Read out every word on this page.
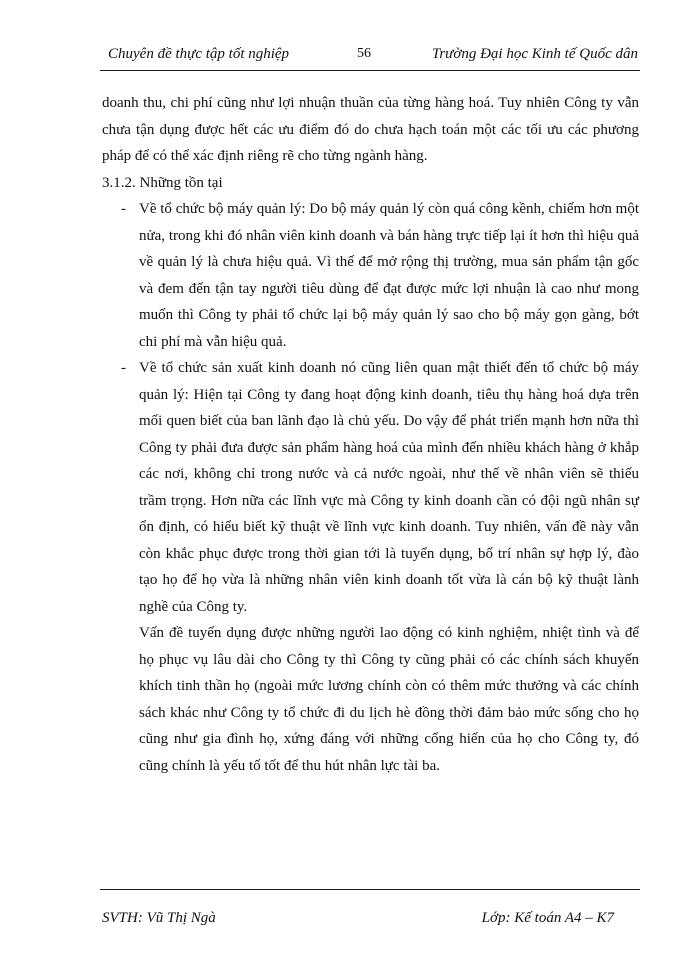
Chuyên đề thực tập tốt nghiệp	56	Trường Đại học Kinh tế Quốc dân

doanh thu, chi phí cũng như lợi nhuận thuần của từng hàng hoá. Tuy nhiên Công ty vẫn chưa tận dụng được hết các ưu điểm đó do chưa hạch toán một các tối ưu các phương pháp để có thể xác định riêng rẽ cho từng ngành hàng.

3.1.2. Những tồn tại

- Về tổ chức bộ máy quản lý: Do bộ máy quản lý còn quá công kềnh, chiếm hơn một nửa, trong khi đó nhân viên kinh doanh và bán hàng trực tiếp lại ít hơn thì hiệu quả về quản lý là chưa hiệu quả. Vì thế để mở rộng thị trường, mua sản phẩm tận gốc và đem đến tận tay người tiêu dùng để đạt được mức lợi nhuận là cao như mong muốn thì Công ty phải tổ chức lại bộ máy quản lý sao cho bộ máy gọn gàng, bớt chi phí mà vẫn hiệu quả.

- Về tổ chức sản xuất kinh doanh nó cũng liên quan mật thiết đến tổ chức bộ máy quản lý: Hiện tại Công ty đang hoạt động kinh doanh, tiêu thụ hàng hoá dựa trên mối quen biết của ban lãnh đạo là chủ yếu. Do vậy để phát triển mạnh hơn nữa thì Công ty phải đưa được sản phẩm hàng hoá của mình đến nhiều khách hàng ở khắp các nơi, không chỉ trong nước và cả nước ngoài, như thế về nhân viên sẽ thiếu trầm trọng. Hơn nữa các lĩnh vực mà Công ty kinh doanh cần có đội ngũ nhân sự ổn định, có hiểu biết kỹ thuật về lĩnh vực kinh doanh. Tuy nhiên, vấn đề này vẫn còn khắc phục được trong thời gian tới là tuyển dụng, bố trí nhân sự hợp lý, đào tạo họ để họ vừa là những nhân viên kinh doanh tốt vừa là cán bộ kỹ thuật lành nghề của Công ty.

Vấn đề tuyển dụng được những người lao động có kinh nghiệm, nhiệt tình và để họ phục vụ lâu dài cho Công ty thì Công ty cũng phải có các chính sách khuyến khích tinh thần họ (ngoài mức lương chính còn có thêm mức thưởng và các chính sách khác như Công ty tổ chức đi du lịch hè đồng thời đảm bảo mức sống cho họ cũng như gia đình họ, xứng đáng với những cống hiến của họ cho Công ty, đó cũng chính là yếu tố tốt để thu hút nhân lực tài ba.

SVTH: Vũ Thị Ngà	Lớp: Kế toán A4 – K7
